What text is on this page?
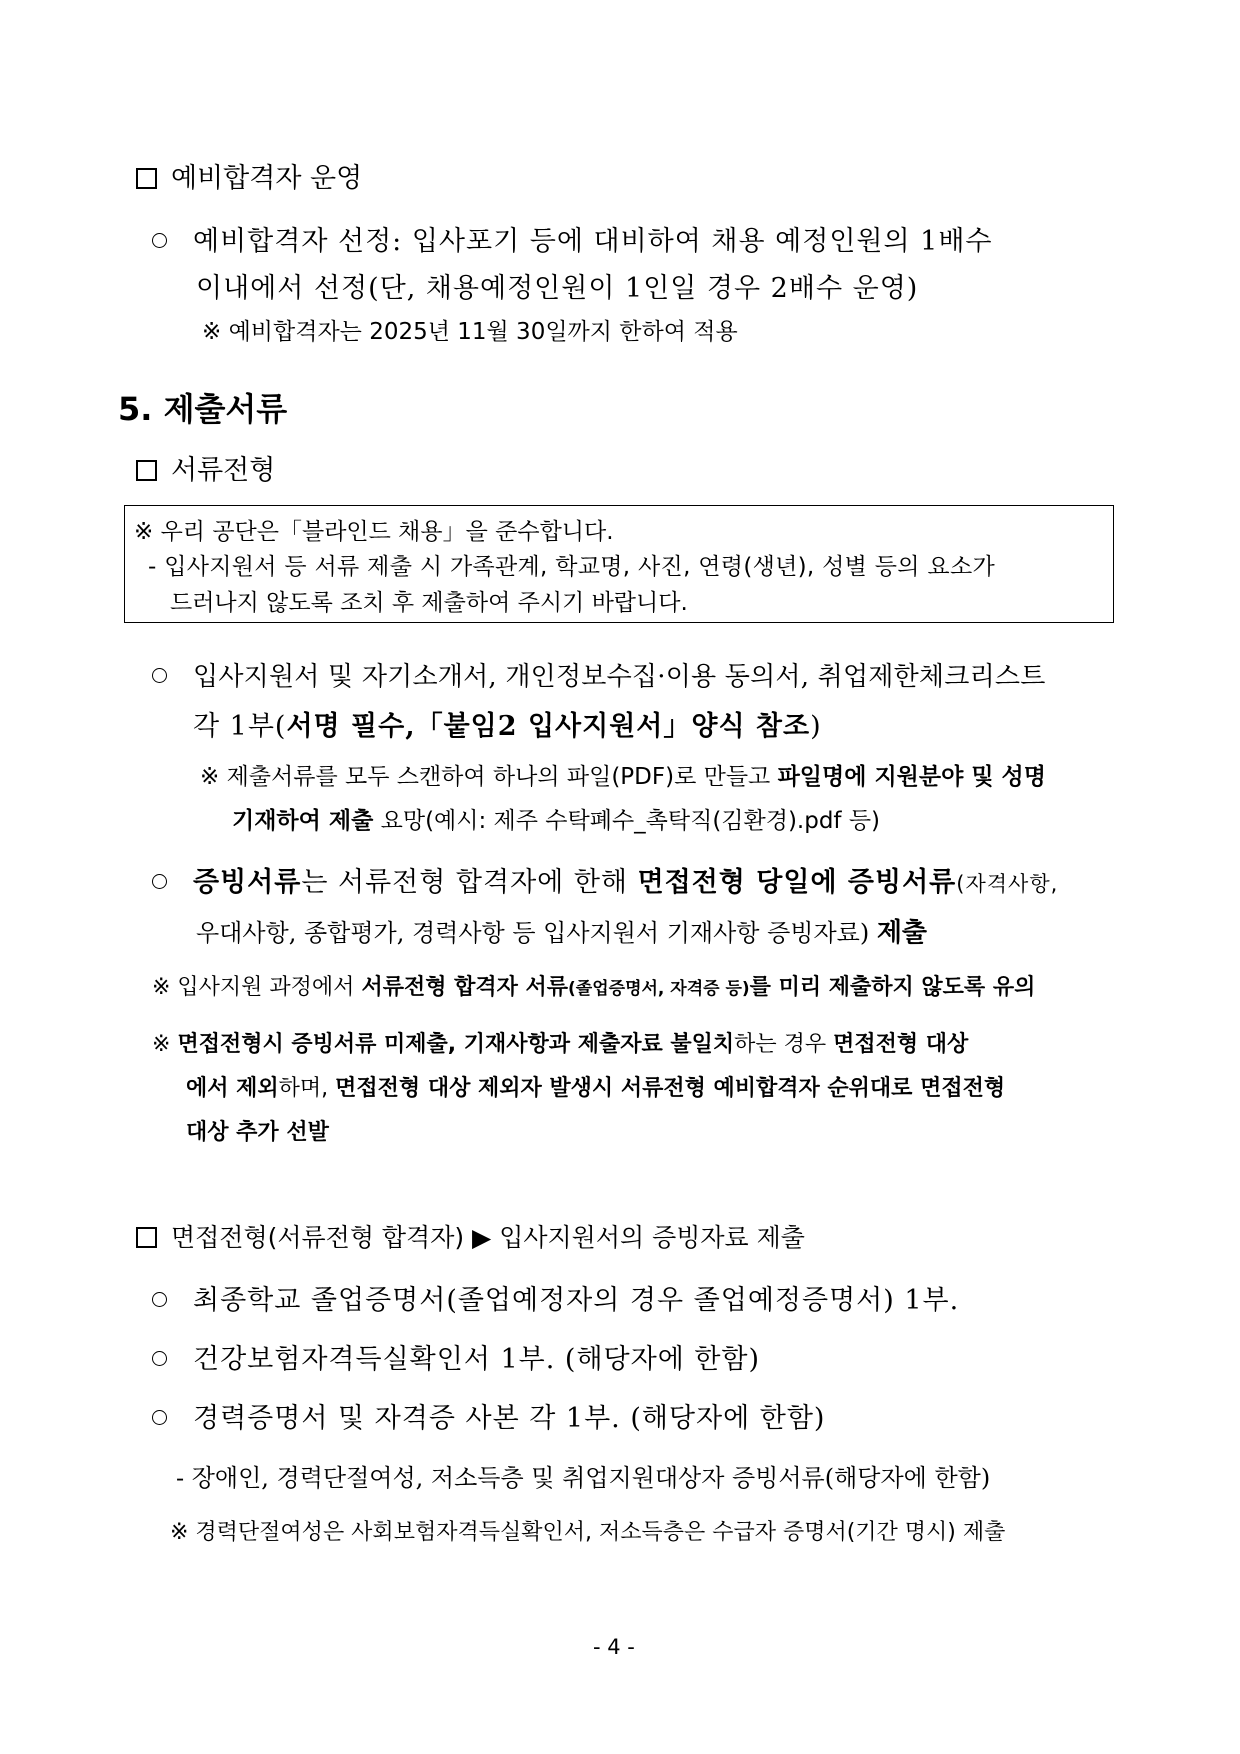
예비합격자 운영
예비합격자 선정: 입사포기 등에 대비하여 채용 예정인원의 1배수
이내에서 선정(단, 채용예정인원이 1인일 경우 2배수 운영)
※ 예비합격자는 2025년 11월 30일까지 한하여 적용
5. 제출서류
서류전형
※ 우리 공단은「블라인드 채용」을 준수합니다.
- 입사지원서 등 서류 제출 시 가족관계, 학교명, 사진, 연령(생년), 성별 등의 요소가
드러나지 않도록 조치 후 제출하여 주시기 바랍니다.
입사지원서 및 자기소개서, 개인정보수집·이용 동의서, 취업제한체크리스트
각 1부(서명 필수,「붙임2 입사지원서」양식 참조)
※ 제출서류를 모두 스캔하여 하나의 파일(PDF)로 만들고 파일명에 지원분야 및 성명
기재하여 제출 요망(예시: 제주 수탁폐수_촉탁직(김환경).pdf 등)
증빙서류는 서류전형 합격자에 한해 면접전형 당일에 증빙서류(자격사항,
우대사항, 종합평가, 경력사항 등 입사지원서 기재사항 증빙자료) 제출
※ 입사지원 과정에서 서류전형 합격자 서류(졸업증명서, 자격증 등)를 미리 제출하지 않도록 유의
※ 면접전형시 증빙서류 미제출, 기재사항과 제출자료 불일치하는 경우 면접전형 대상
에서 제외하며, 면접전형 대상 제외자 발생시 서류전형 예비합격자 순위대로 면접전형
대상 추가 선발
면접전형(서류전형 합격자) ▶ 입사지원서의 증빙자료 제출
최종학교 졸업증명서(졸업예정자의 경우 졸업예정증명서) 1부.
건강보험자격득실확인서 1부. (해당자에 한함)
경력증명서 및 자격증 사본 각 1부. (해당자에 한함)
- 장애인, 경력단절여성, 저소득층 및 취업지원대상자 증빙서류(해당자에 한함)
※ 경력단절여성은 사회보험자격득실확인서, 저소득층은 수급자 증명서(기간 명시) 제출
- 4 -
